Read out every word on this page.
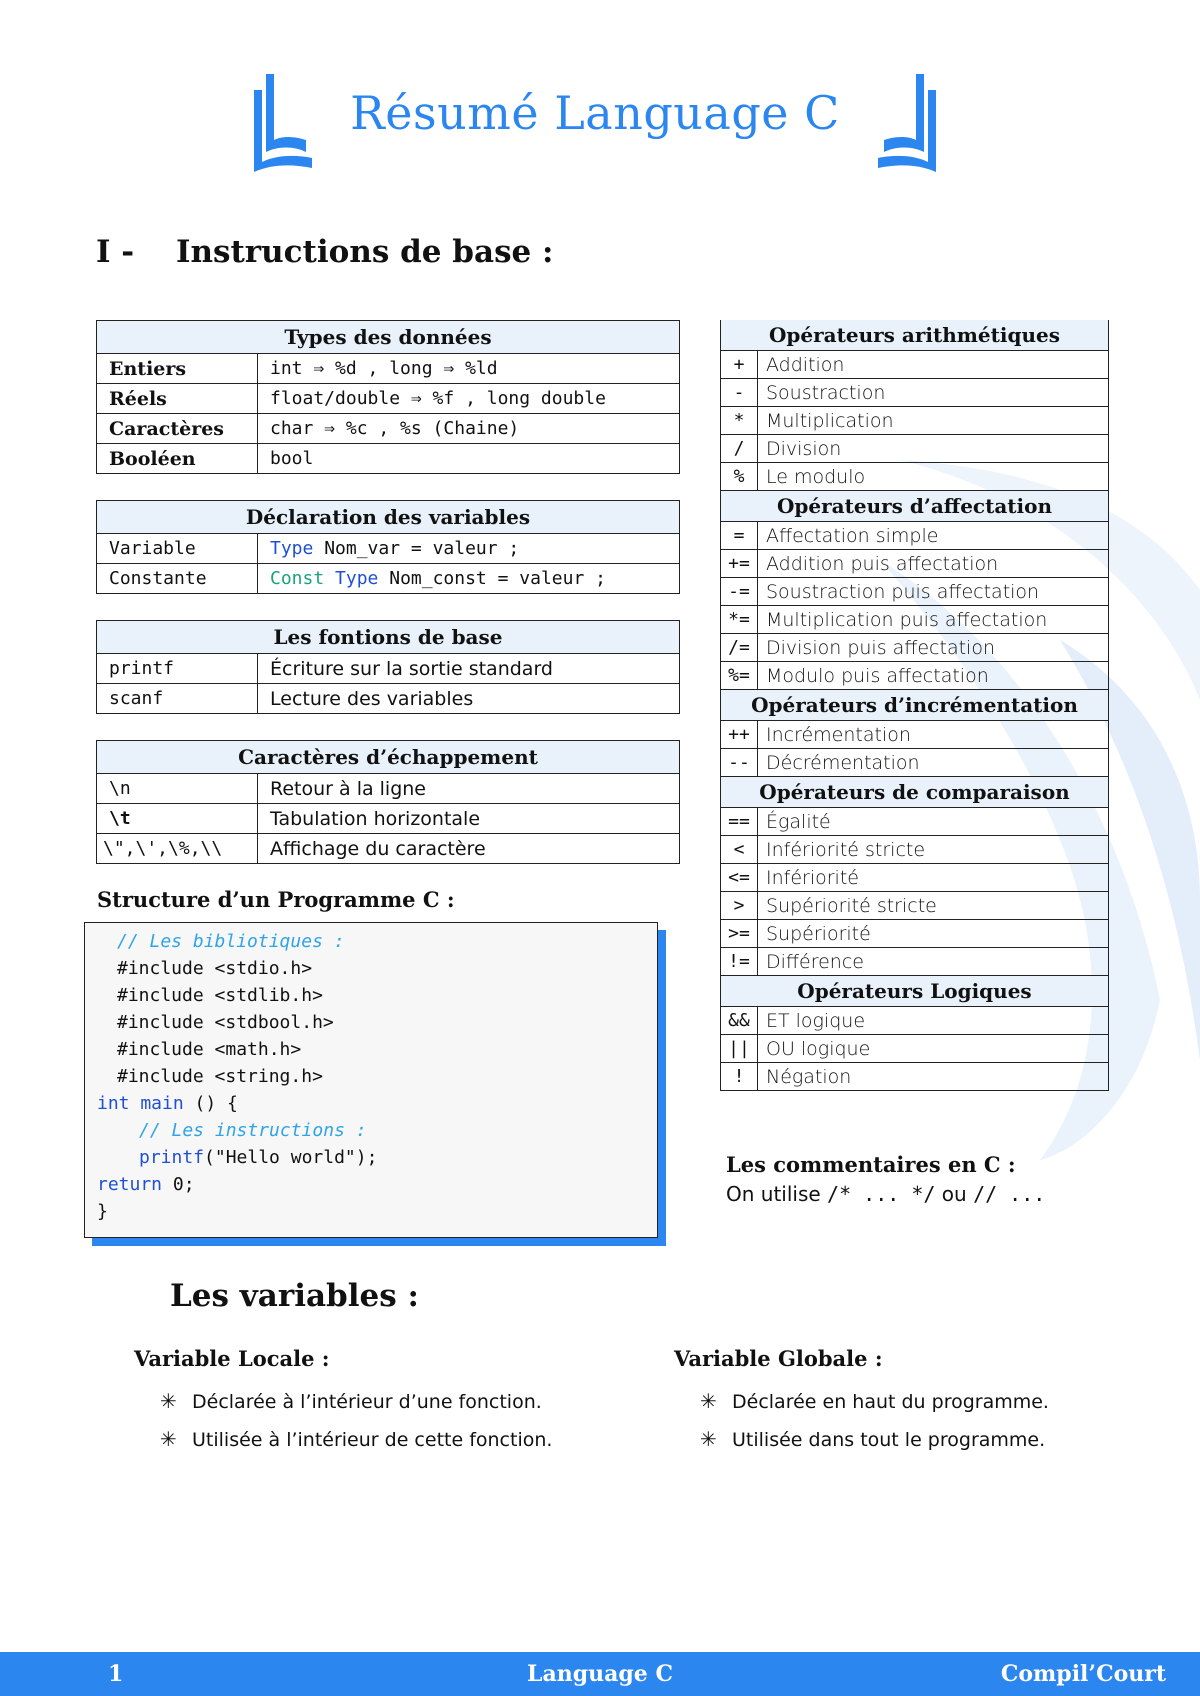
Résumé Language C
I - Instructions de base :
Types des données	
Entiers	int ⇒ %d , long ⇒ %ld
Réels	float/double ⇒ %f , long double
Caractères	char ⇒ %c , %s (Chaine)
Booléen	bool
Déclaration des variables	
Variable	Type Nom_var = valeur ;
Constante	Const Type Nom_const = valeur ;
Les fontions de base	
printf	Écriture sur la sortie standard
scanf	Lecture des variables
Caractères d’échappement	
\n	Retour à la ligne
\t	Tabulation horizontale
\",\',\%,\\	Affichage du caractère
Structure d’un Programme C :
// Les bibliotiques :
#include <stdio.h>
#include <stdlib.h>
#include <stdbool.h>
#include <math.h>
#include <string.h>
int main () {
// Les instructions :
printf("Hello world");
return 0;
}
Opérateurs arithmétiques	
+	Addition
-	Soustraction
*	Multiplication
/	Division
%	Le modulo
Opérateurs d’affectation	
=	Affectation simple
+=	Addition puis affectation
-=	Soustraction puis affectation
*=	Multiplication puis affectation
/=	Division puis affectation
%=	Modulo puis affectation
Opérateurs d’incrémentation	
++	Incrémentation
--	Décrémentation
Opérateurs de comparaison	
==	Égalité
<	Infériorité stricte
<=	Infériorité
>	Supériorité stricte
>=	Supériorité
!=	Différence
Opérateurs Logiques	
&&	ET logique
||	OU logique
!	Négation
Les commentaires en C :
On utilise /* ... */ ou // ...
Les variables :
Variable Locale :
✳ Déclarée à l’intérieur d’une fonction.
✳ Utilisée à l’intérieur de cette fonction.
Variable Globale :
✳ Déclarée en haut du programme.
✳ Utilisée dans tout le programme.
1	Language C	Compil’Court
